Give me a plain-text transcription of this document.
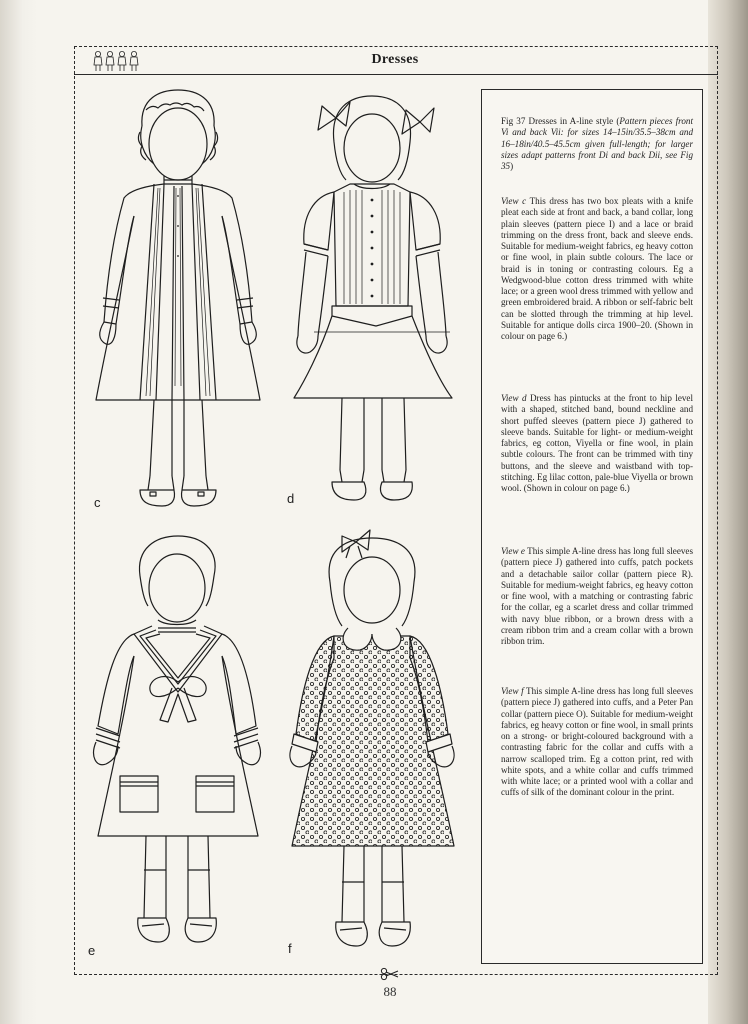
Dresses
c	d
e	f
Fig 37 Dresses in A-line style (Pattern pieces front Vi and back Vii: for sizes 14–15in/35.5–38cm and 16–18in/40.5–45.5cm given full-length; for larger sizes adapt patterns front Di and back Dii, see Fig 35)
View c This dress has two box pleats with a knife pleat each side at front and back, a band collar, long plain sleeves (pattern piece I) and a lace or braid trimming on the dress front, back and sleeve ends. Suitable for medium-weight fabrics, eg heavy cotton or fine wool, in plain subtle colours. The lace or braid is in toning or contrasting colours. Eg a Wedgwood-blue cotton dress trimmed with white lace; or a green wool dress trimmed with yellow and green embroidered braid. A ribbon or self-fabric belt can be slotted through the trimming at hip level. Suitable for antique dolls circa 1900–20. (Shown in colour on page 6.)
View d Dress has pintucks at the front to hip level with a shaped, stitched band, bound neckline and short puffed sleeves (pattern piece J) gathered to sleeve bands. Suitable for light- or medium-weight fabrics, eg cotton, Viyella or fine wool, in plain subtle colours. The front can be trimmed with tiny buttons, and the sleeve and waistband with top-stitching. Eg lilac cotton, pale-blue Viyella or brown wool. (Shown in colour on page 6.)
View e This simple A-line dress has long full sleeves (pattern piece J) gathered into cuffs, patch pockets and a detachable sailor collar (pattern piece R). Suitable for medium-weight fabrics, eg heavy cotton or fine wool, with a matching or contrasting fabric for the collar, eg a scarlet dress and collar trimmed with navy blue ribbon, or a brown dress with a cream ribbon trim and a cream collar with a brown ribbon trim.
View f This simple A-line dress has long full sleeves (pattern piece J) gathered into cuffs, and a Peter Pan collar (pattern piece O). Suitable for medium-weight fabrics, eg heavy cotton or fine wool, in small prints on a strong- or bright-coloured background with a contrasting fabric for the collar and cuffs with a narrow scalloped trim. Eg a cotton print, red with white spots, and a white collar and cuffs trimmed with white lace; or a printed wool with a collar and cuffs of silk of the dominant colour in the print.
88
